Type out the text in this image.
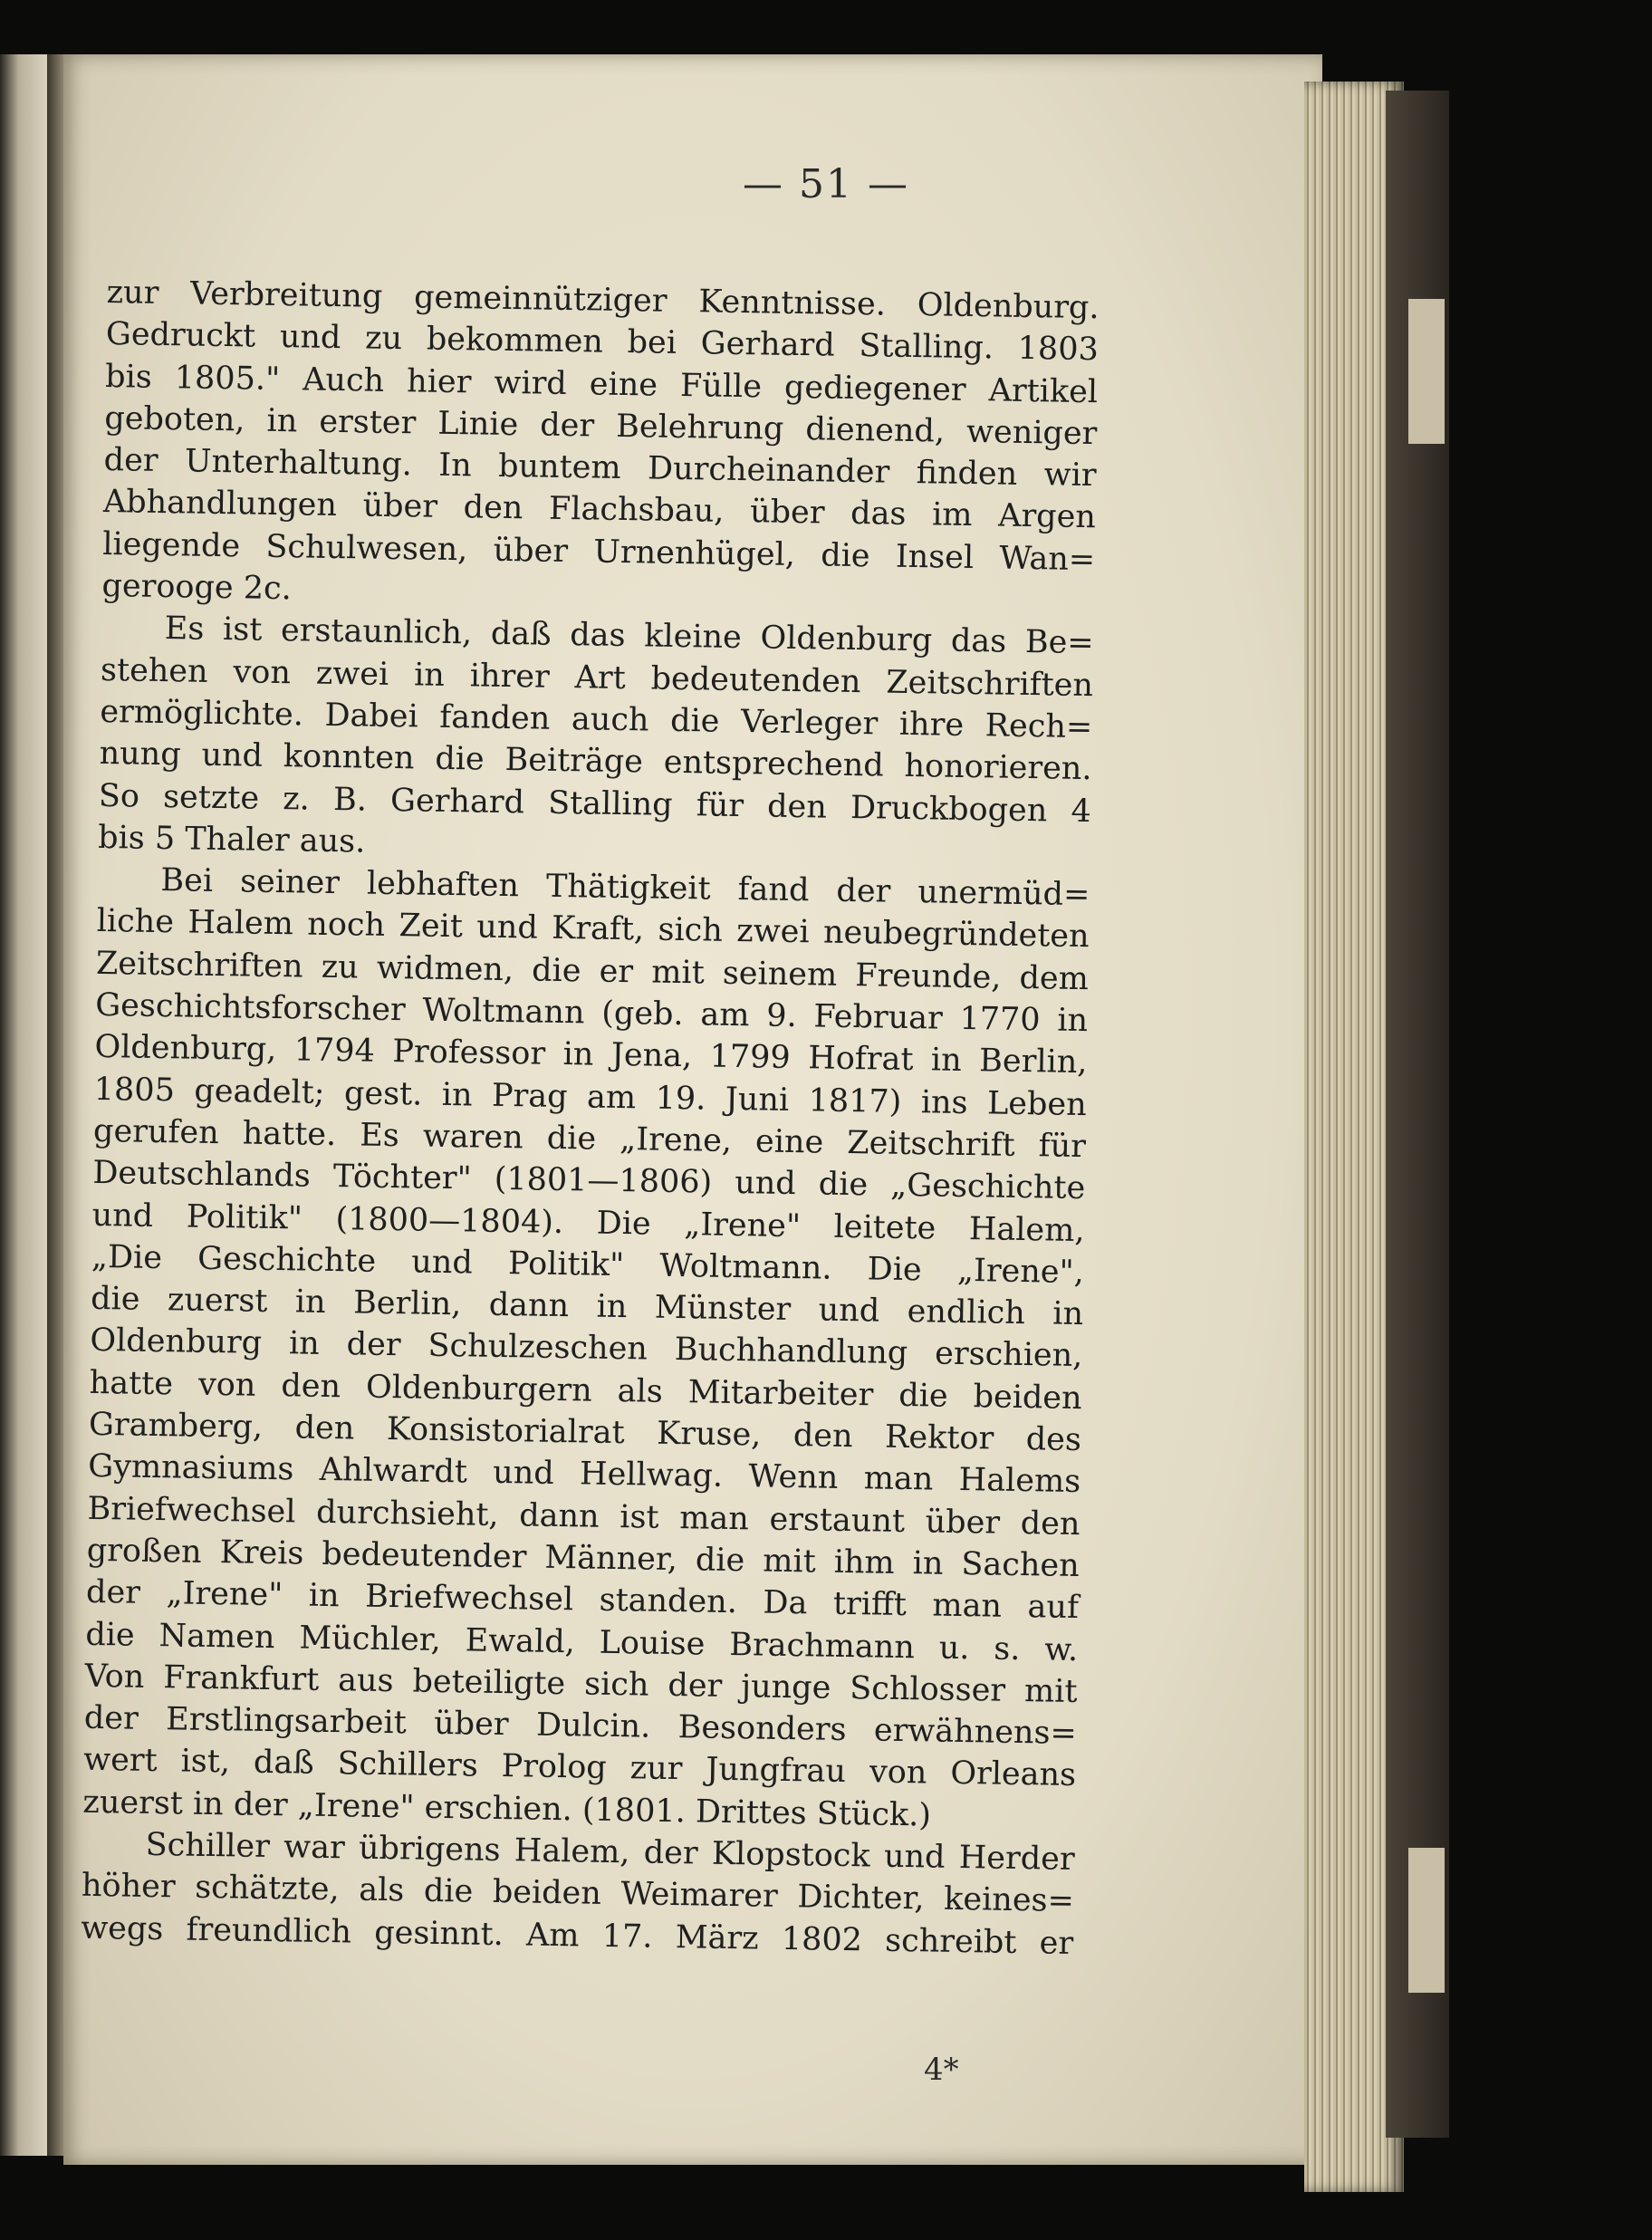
— 51 —
zur Verbreitung gemeinnütziger Kenntnisse. Oldenburg.
Gedruckt und zu bekommen bei Gerhard Stalling. 1803
bis 1805." Auch hier wird eine Fülle gediegener Artikel
geboten, in erster Linie der Belehrung dienend, weniger
der Unterhaltung. In buntem Durcheinander finden wir
Abhandlungen über den Flachsbau, über das im Argen
liegende Schulwesen, über Urnenhügel, die Insel Wan=
gerooge 2c.
Es ist erstaunlich, daß das kleine Oldenburg das Be=
stehen von zwei in ihrer Art bedeutenden Zeitschriften
ermöglichte. Dabei fanden auch die Verleger ihre Rech=
nung und konnten die Beiträge entsprechend honorieren.
So setzte z. B. Gerhard Stalling für den Druckbogen 4
bis 5 Thaler aus.
Bei seiner lebhaften Thätigkeit fand der unermüd=
liche Halem noch Zeit und Kraft, sich zwei neubegründeten
Zeitschriften zu widmen, die er mit seinem Freunde, dem
Geschichtsforscher Woltmann (geb. am 9. Februar 1770 in
Oldenburg, 1794 Professor in Jena, 1799 Hofrat in Berlin,
1805 geadelt; gest. in Prag am 19. Juni 1817) ins Leben
gerufen hatte. Es waren die „Irene, eine Zeitschrift für
Deutschlands Töchter" (1801—1806) und die „Geschichte
und Politik" (1800—1804). Die „Irene" leitete Halem,
„Die Geschichte und Politik" Woltmann. Die „Irene",
die zuerst in Berlin, dann in Münster und endlich in
Oldenburg in der Schulzeschen Buchhandlung erschien,
hatte von den Oldenburgern als Mitarbeiter die beiden
Gramberg, den Konsistorialrat Kruse, den Rektor des
Gymnasiums Ahlwardt und Hellwag. Wenn man Halems
Briefwechsel durchsieht, dann ist man erstaunt über den
großen Kreis bedeutender Männer, die mit ihm in Sachen
der „Irene" in Briefwechsel standen. Da trifft man auf
die Namen Müchler, Ewald, Louise Brachmann u. s. w.
Von Frankfurt aus beteiligte sich der junge Schlosser mit
der Erstlingsarbeit über Dulcin. Besonders erwähnens=
wert ist, daß Schillers Prolog zur Jungfrau von Orleans
zuerst in der „Irene" erschien. (1801. Drittes Stück.)
Schiller war übrigens Halem, der Klopstock und Herder
höher schätzte, als die beiden Weimarer Dichter, keines=
wegs freundlich gesinnt. Am 17. März 1802 schreibt er
4*
